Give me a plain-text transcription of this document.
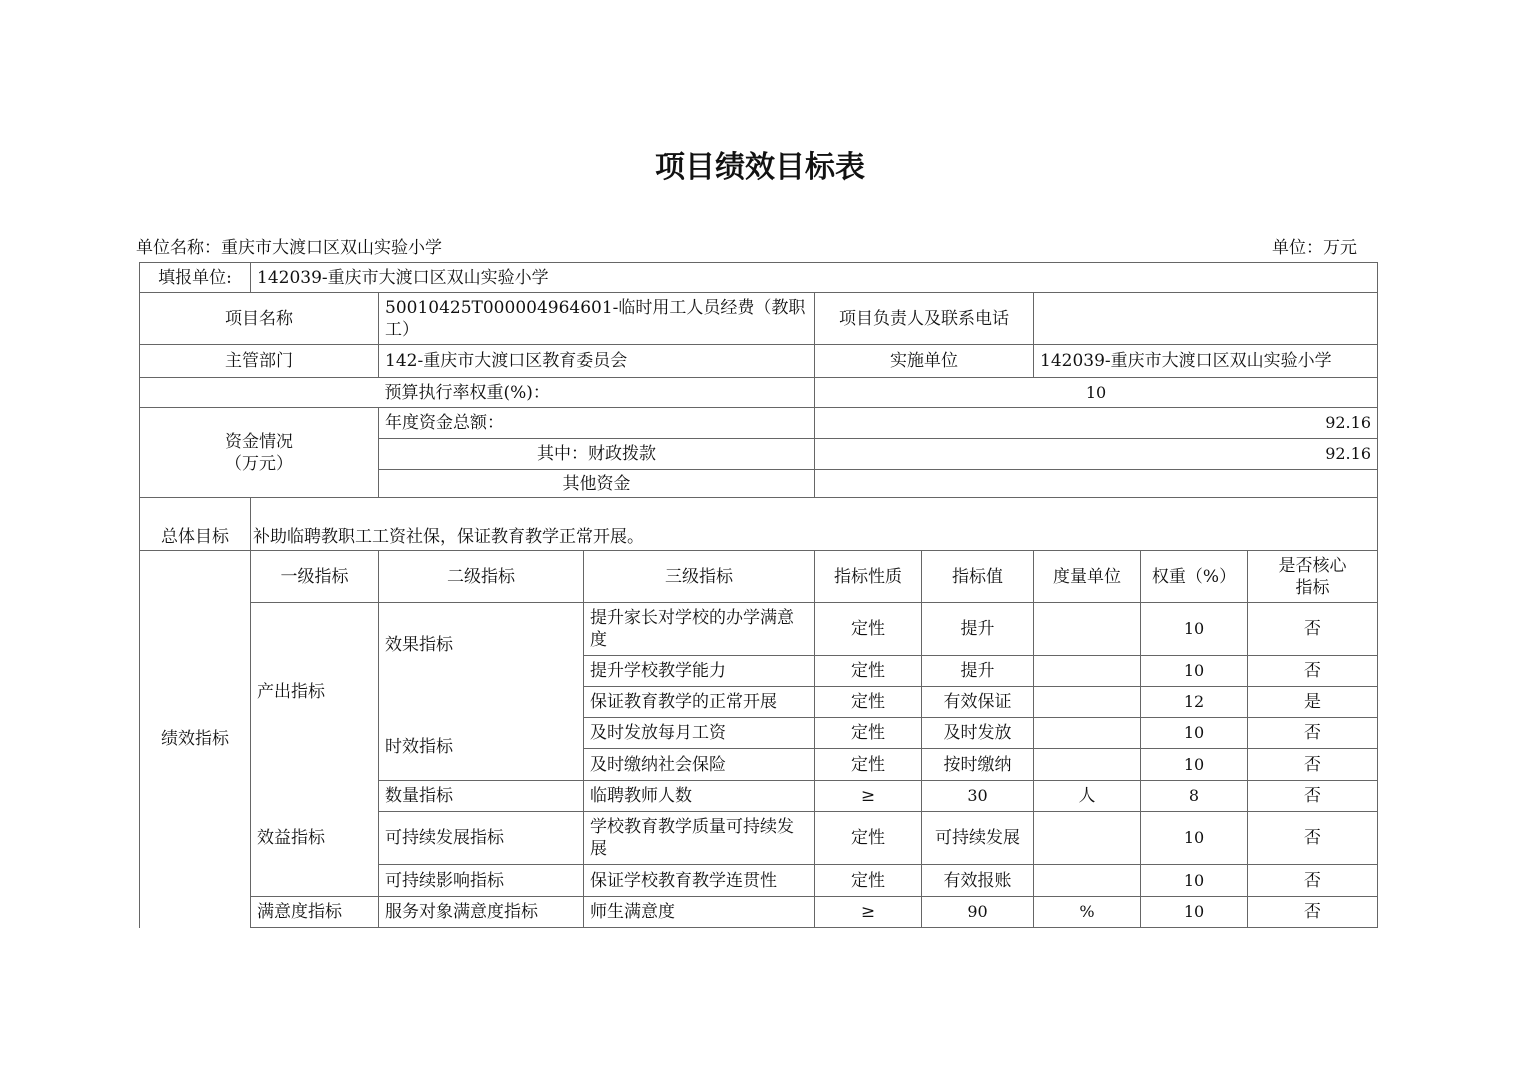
项目绩效目标表
单位名称：重庆市大渡口区双山实验小学	单位：万元
填报单位:	142039-重庆市大渡口区双山实验小学							
项目名称		50010425T000004964601-临时用工人员经费（教职工）		项目负责人及联系电话				
主管部门		142-重庆市大渡口区教育委员会		实施单位		142039-重庆市大渡口区双山实验小学		
		预算执行率权重(%)：		10				
资金情况
（万元）		年度资金总额：		92.16				
		其中：财政拨款		92.16				
		其他资金						
总体目标	补助临聘教职工工资社保，保证教育教学正常开展。							
绩效指标	一级指标	二级指标	三级指标	指标性质	指标值	度量单位	权重（%）	是否核心
指标
	产出指标	效果指标	提升家长对学校的办学满意度	定性	提升		10	否
			提升学校教学能力	定性	提升		10	否
		时效指标	保证教育教学的正常开展	定性	有效保证		12	是
			及时发放每月工资	定性	及时发放		10	否
			及时缴纳社会保险	定性	按时缴纳		10	否
	效益指标	数量指标	临聘教师人数	≥	30	人	8	否
		可持续发展指标	学校教育教学质量可持续发展	定性	可持续发展		10	否
		可持续影响指标	保证学校教育教学连贯性	定性	有效报账		10	否
	满意度指标	服务对象满意度指标	师生满意度	≥	90	%	10	否
